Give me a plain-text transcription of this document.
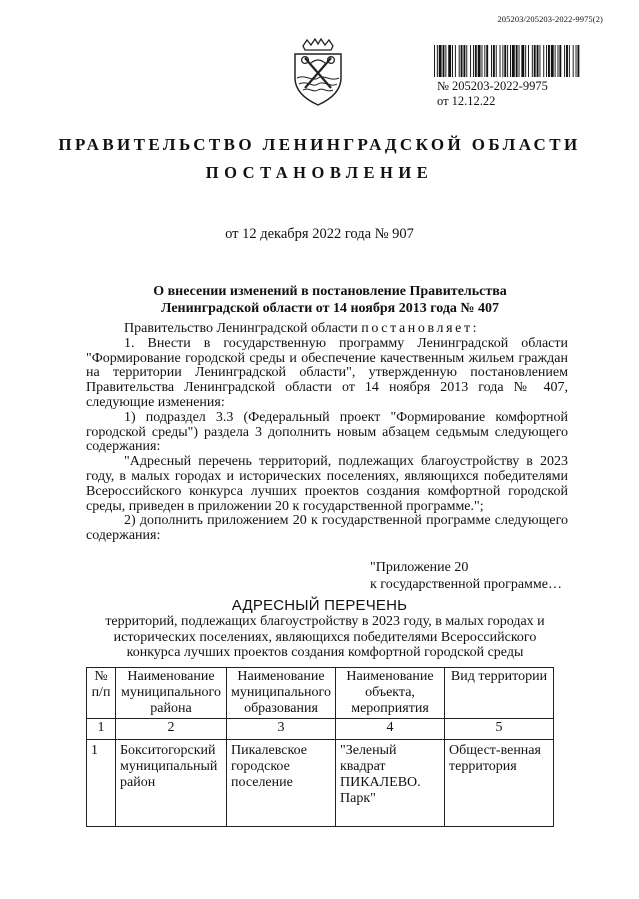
205203/205203-2022-9975(2)
№ 205203-2022-9975
от 12.12.22
ПРАВИТЕЛЬСТВО ЛЕНИНГРАДСКОЙ ОБЛАСТИ
ПОСТАНОВЛЕНИЕ
от 12 декабря 2022 года № 907
О внесении изменений в постановление Правительства
Ленинградской области от 14 ноября 2013 года № 407

Правительство Ленинградской области постановляет:

1. Внести в государственную программу Ленинградской области "Формирование городской среды и обеспечение качественным жильем граждан на территории Ленинградской области", утвержденную постановлением Правительства Ленинградской области от 14 ноября 2013 года № 407, следующие изменения:

1) подраздел 3.3 (Федеральный проект "Формирование комфортной городской среды") раздела 3 дополнить новым абзацем седьмым следующего содержания:

"Адресный перечень территорий, подлежащих благоустройству в 2023 году, в малых городах и исторических поселениях, являющихся победителями Всероссийского конкурса лучших проектов создания комфортной городской среды, приведен в приложении 20 к государственной программе.";

2) дополнить приложением 20 к государственной программе следующего содержания:

"Приложение 20
к государственной программе…
АДРЕСНЫЙ ПЕРЕЧЕНЬ
территорий, подлежащих благоустройству в 2023 году, в малых городах и исторических поселениях, являющихся победителями Всероссийского конкурса лучших проектов создания комфортной городской среды
№ п/п	Наименование муниципального района	Наименование муниципального образования	Наименование объекта, мероприятия	Вид территории
1	2	3	4	5
1	Бокситогорский муниципальный район	Пикалевское городское поселение	"Зеленый квадрат ПИКАЛЕВО. Парк"	Общест-венная территория
